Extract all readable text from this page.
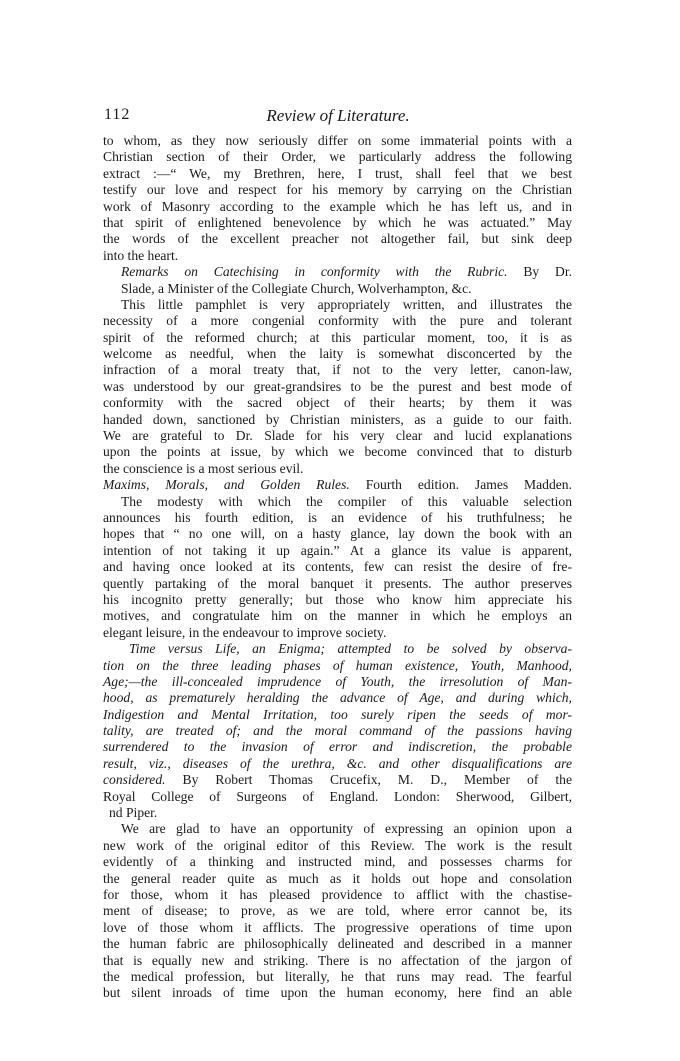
112	Review of Literature.
to whom, as they now seriously differ on some immaterial points with a
Christian section of their Order, we particularly address the following
extract :—“ We, my Brethren, here, I trust, shall feel that we best
testify our love and respect for his memory by carrying on the Christian
work of Masonry according to the example which he has left us, and in
that spirit of enlightened benevolence by which he was actuated.” May
the words of the excellent preacher not altogether fail, but sink deep
into the heart.
Remarks on Catechising in conformity with the Rubric. By Dr.
Slade, a Minister of the Collegiate Church, Wolverhampton, &c.
This little pamphlet is very appropriately written, and illustrates the
necessity of a more congenial conformity with the pure and tolerant
spirit of the reformed church; at this particular moment, too, it is as
welcome as needful, when the laity is somewhat disconcerted by the
infraction of a moral treaty that, if not to the very letter, canon-law,
was understood by our great-grandsires to be the purest and best mode of
conformity with the sacred object of their hearts; by them it was
handed down, sanctioned by Christian ministers, as a guide to our faith.
We are grateful to Dr. Slade for his very clear and lucid explanations
upon the points at issue, by which we become convinced that to disturb
the conscience is a most serious evil.
Maxims, Morals, and Golden Rules. Fourth edition. James Madden.
The modesty with which the compiler of this valuable selection
announces his fourth edition, is an evidence of his truthfulness; he
hopes that “ no one will, on a hasty glance, lay down the book with an
intention of not taking it up again.” At a glance its value is apparent,
and having once looked at its contents, few can resist the desire of fre-
quently partaking of the moral banquet it presents. The author preserves
his incognito pretty generally; but those who know him appreciate his
motives, and congratulate him on the manner in which he employs an
elegant leisure, in the endeavour to improve society.
Time versus Life, an Enigma; attempted to be solved by observa-
tion on the three leading phases of human existence, Youth, Manhood,
Age;—the ill-concealed imprudence of Youth, the irresolution of Man-
hood, as prematurely heralding the advance of Age, and during which,
Indigestion and Mental Irritation, too surely ripen the seeds of mor-
tality, are treated of; and the moral command of the passions having
surrendered to the invasion of error and indiscretion, the probable
result, viz., diseases of the urethra, &c. and other disqualifications are
considered. By Robert Thomas Crucefix, M. D., Member of the
Royal College of Surgeons of England. London: Sherwood, Gilbert,
nd Piper.
We are glad to have an opportunity of expressing an opinion upon a
new work of the original editor of this Review. The work is the result
evidently of a thinking and instructed mind, and possesses charms for
the general reader quite as much as it holds out hope and consolation
for those, whom it has pleased providence to afflict with the chastise-
ment of disease; to prove, as we are told, where error cannot be, its
love of those whom it afflicts. The progressive operations of time upon
the human fabric are philosophically delineated and described in a manner
that is equally new and striking. There is no affectation of the jargon of
the medical profession, but literally, he that runs may read. The fearful
but silent inroads of time upon the human economy, here find an able
